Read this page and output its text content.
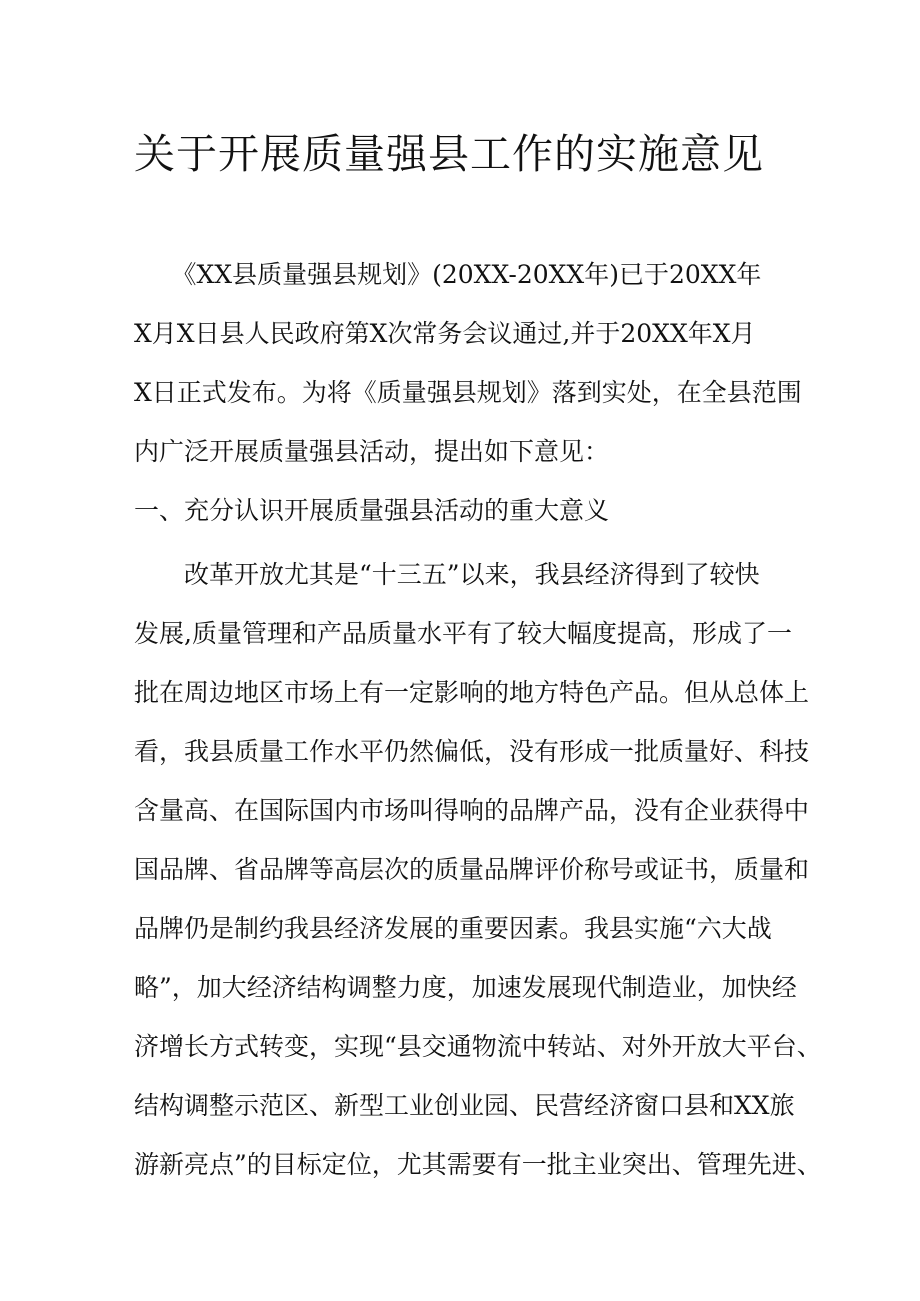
关于开展质量强县工作的实施意见

　　《XX县质量强县规划》(20XX-20XX年)已于20XX年

X月X日县人民政府第X次常务会议通过,并于20XX年X月

X日正式发布。为将《质量强县规划》落到实处，在全县范围

内广泛开展质量强县活动，提出如下意见：

一、充分认识开展质量强县活动的重大意义

　　改革开放尤其是“十三五”以来，我县经济得到了较快

发展,质量管理和产品质量水平有了较大幅度提高，形成了一

批在周边地区市场上有一定影响的地方特色产品。但从总体上

看，我县质量工作水平仍然偏低，没有形成一批质量好、科技

含量高、在国际国内市场叫得响的品牌产品，没有企业获得中

国品牌、省品牌等高层次的质量品牌评价称号或证书，质量和

品牌仍是制约我县经济发展的重要因素。我县实施“六大战

略”，加大经济结构调整力度，加速发展现代制造业，加快经

济增长方式转变，实现“县交通物流中转站、对外开放大平台、

结构调整示范区、新型工业创业园、民营经济窗口县和XX旅

游新亮点”的目标定位，尤其需要有一批主业突出、管理先进、
